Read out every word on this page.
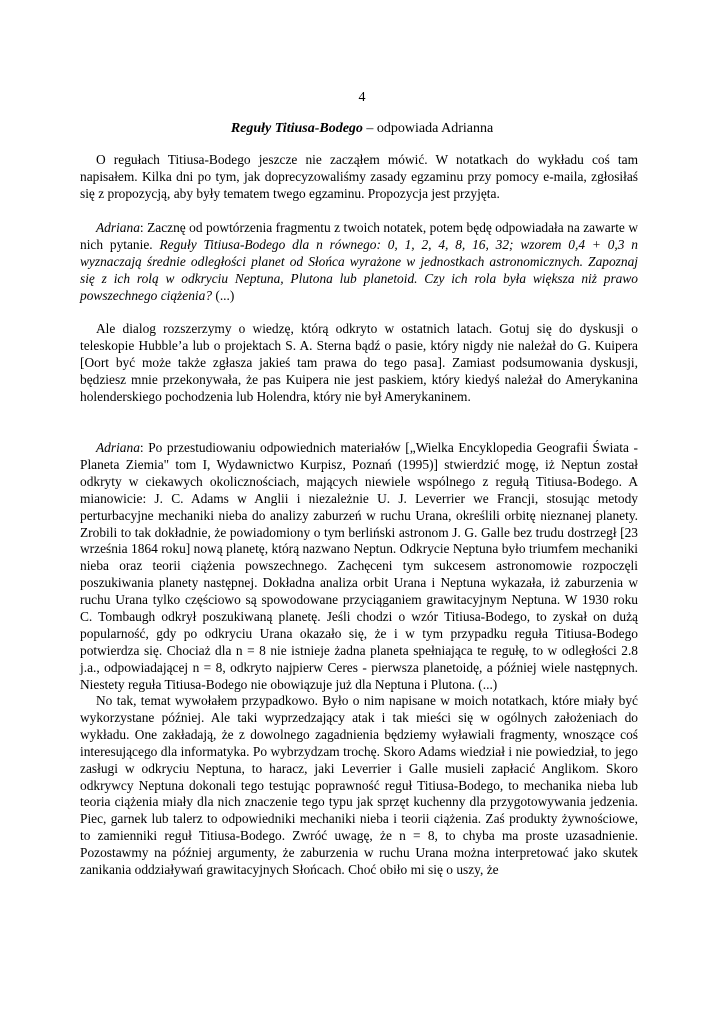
4
Reguły Titiusa-Bodego – odpowiada Adrianna

O regułach Titiusa-Bodego jeszcze nie zacząłem mówić. W notatkach do wykładu coś tam napisałem. Kilka dni po tym, jak doprecyzowaliśmy zasady egzaminu przy pomocy e-maila, zgłosiłaś się z propozycją, aby były tematem twego egzaminu. Propozycja jest przyjęta.

Adriana: Zacznę od powtórzenia fragmentu z twoich notatek, potem będę odpowiadała na zawarte w nich pytanie. Reguły Titiusa-Bodego dla n równego: 0, 1, 2, 4, 8, 16, 32; wzorem 0,4 + 0,3 n wyznaczają średnie odległości planet od Słońca wyrażone w jednostkach astronomicznych. Zapoznaj się z ich rolą w odkryciu Neptuna, Plutona lub planetoid. Czy ich rola była większa niż prawo powszechnego ciążenia? (...)

Ale dialog rozszerzymy o wiedzę, którą odkryto w ostatnich latach. Gotuj się do dyskusji o teleskopie Hubble’a lub o projektach S. A. Sterna bądź o pasie, który nigdy nie należał do G. Kuipera [Oort być może także zgłasza jakieś tam prawa do tego pasa]. Zamiast podsumowania dyskusji, będziesz mnie przekonywała, że pas Kuipera nie jest paskiem, który kiedyś należał do Amerykanina holenderskiego pochodzenia lub Holendra, który nie był Amerykaninem.

Adriana: Po przestudiowaniu odpowiednich materiałów [„Wielka Encyklopedia Geografii Świata -Planeta Ziemia" tom I, Wydawnictwo Kurpisz, Poznań (1995)] stwierdzić mogę, iż Neptun został odkryty w ciekawych okolicznościach, mających niewiele wspólnego z regułą Titiusa-Bodego. A mianowicie: J. C. Adams w Anglii i niezależnie U. J. Leverrier we Francji, stosując metody perturbacyjne mechaniki nieba do analizy zaburzeń w ruchu Urana, określili orbitę nieznanej planety. Zrobili to tak dokładnie, że powiadomiony o tym berliński astronom J. G. Galle bez trudu dostrzegł [23 września 1864 roku] nową planetę, którą nazwano Neptun. Odkrycie Neptuna było triumfem mechaniki nieba oraz teorii ciążenia powszechnego. Zachęceni tym sukcesem astronomowie rozpoczęli poszukiwania planety następnej. Dokładna analiza orbit Urana i Neptuna wykazała, iż zaburzenia w ruchu Urana tylko częściowo są spowodowane przyciąganiem grawitacyjnym Neptuna. W 1930 roku C. Tombaugh odkrył poszukiwaną planetę. Jeśli chodzi o wzór Titiusa-Bodego, to zyskał on dużą popularność, gdy po odkryciu Urana okazało się, że i w tym przypadku reguła Titiusa-Bodego potwierdza się. Chociaż dla n = 8 nie istnieje żadna planeta spełniająca te regułę, to w odległości 2.8 j.a., odpowiadającej n = 8, odkryto najpierw Ceres - pierwsza planetoidę, a później wiele następnych. Niestety reguła Titiusa-Bodego nie obowiązuje już dla Neptuna i Plutona. (...)

No tak, temat wywołałem przypadkowo. Było o nim napisane w moich notatkach, które miały być wykorzystane później. Ale taki wyprzedzający atak i tak mieści się w ogólnych założeniach do wykładu. One zakładają, że z dowolnego zagadnienia będziemy wyławiali fragmenty, wnoszące coś interesującego dla informatyka. Po wybrzydzam trochę. Skoro Adams wiedział i nie powiedział, to jego zasługi w odkryciu Neptuna, to haracz, jaki Leverrier i Galle musieli zapłacić Anglikom. Skoro odkrywcy Neptuna dokonali tego testując poprawność reguł Titiusa-Bodego, to mechanika nieba lub teoria ciążenia miały dla nich znaczenie tego typu jak sprzęt kuchenny dla przygotowywania jedzenia. Piec, garnek lub talerz to odpowiedniki mechaniki nieba i teorii ciążenia. Zaś produkty żywnościowe, to zamienniki reguł Titiusa-Bodego. Zwróć uwagę, że n = 8, to chyba ma proste uzasadnienie. Pozostawmy na później argumenty, że zaburzenia w ruchu Urana można interpretować jako skutek zanikania oddziaływań grawitacyjnych Słońcach. Choć obiło mi się o uszy, że
